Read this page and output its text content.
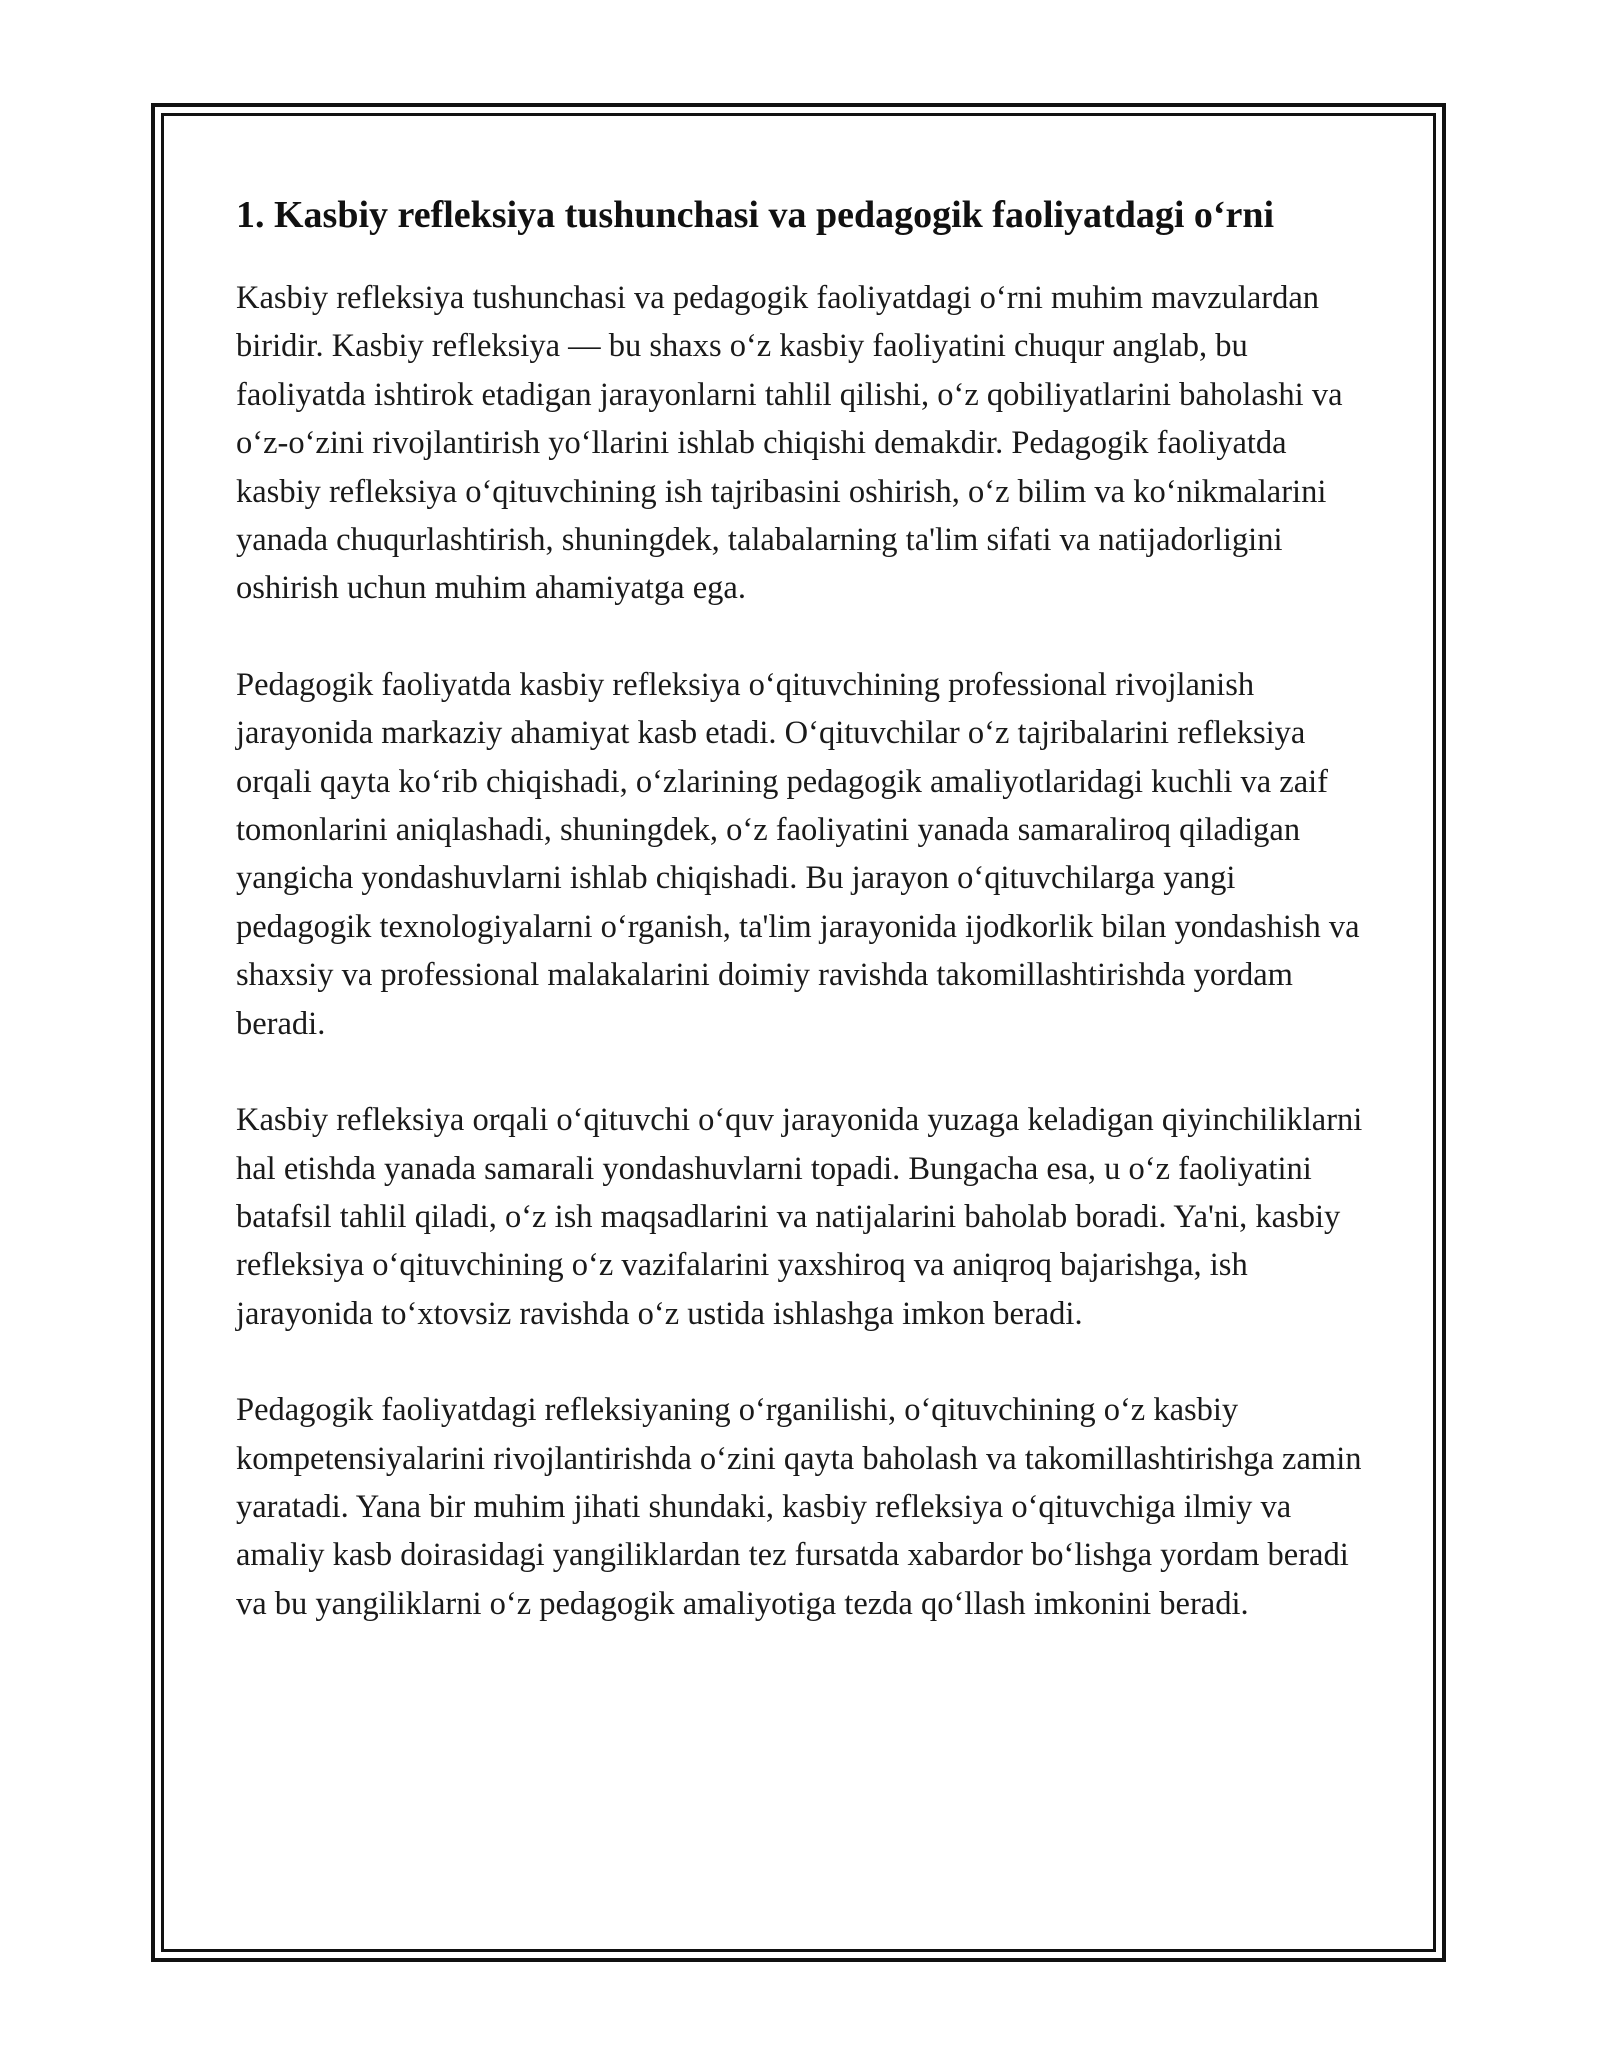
1. Kasbiy refleksiya tushunchasi va pedagogik faoliyatdagi o‘rni

Kasbiy refleksiya tushunchasi va pedagogik faoliyatdagi o‘rni muhim mavzulardan biridir. Kasbiy refleksiya — bu shaxs o‘z kasbiy faoliyatini chuqur anglab, bu faoliyatda ishtirok etadigan jarayonlarni tahlil qilishi, o‘z qobiliyatlarini baholashi va o‘z-o‘zini rivojlantirish yo‘llarini ishlab chiqishi demakdir. Pedagogik faoliyatda kasbiy refleksiya o‘qituvchining ish tajribasini oshirish, o‘z bilim va ko‘nikmalarini yanada chuqurlashtirish, shuningdek, talabalarning ta'lim sifati va natijadorligini oshirish uchun muhim ahamiyatga ega.

Pedagogik faoliyatda kasbiy refleksiya o‘qituvchining professional rivojlanish jarayonida markaziy ahamiyat kasb etadi. O‘qituvchilar o‘z tajribalarini refleksiya orqali qayta ko‘rib chiqishadi, o‘zlarining pedagogik amaliyotlaridagi kuchli va zaif tomonlarini aniqlashadi, shuningdek, o‘z faoliyatini yanada samaraliroq qiladigan yangicha yondashuvlarni ishlab chiqishadi. Bu jarayon o‘qituvchilarga yangi pedagogik texnologiyalarni o‘rganish, ta'lim jarayonida ijodkorlik bilan yondashish va shaxsiy va professional malakalarini doimiy ravishda takomillashtirishda yordam beradi.

Kasbiy refleksiya orqali o‘qituvchi o‘quv jarayonida yuzaga keladigan qiyinchiliklarni hal etishda yanada samarali yondashuvlarni topadi. Bungacha esa, u o‘z faoliyatini batafsil tahlil qiladi, o‘z ish maqsadlarini va natijalarini baholab boradi. Ya'ni, kasbiy refleksiya o‘qituvchining o‘z vazifalarini yaxshiroq va aniqroq bajarishga, ish jarayonida to‘xtovsiz ravishda o‘z ustida ishlashga imkon beradi.

Pedagogik faoliyatdagi refleksiyaning o‘rganilishi, o‘qituvchining o‘z kasbiy kompetensiyalarini rivojlantirishda o‘zini qayta baholash va takomillashtirishga zamin yaratadi. Yana bir muhim jihati shundaki, kasbiy refleksiya o‘qituvchiga ilmiy va amaliy kasb doirasidagi yangiliklardan tez fursatda xabardor bo‘lishga yordam beradi va bu yangiliklarni o‘z pedagogik amaliyotiga tezda qo‘llash imkonini beradi.
